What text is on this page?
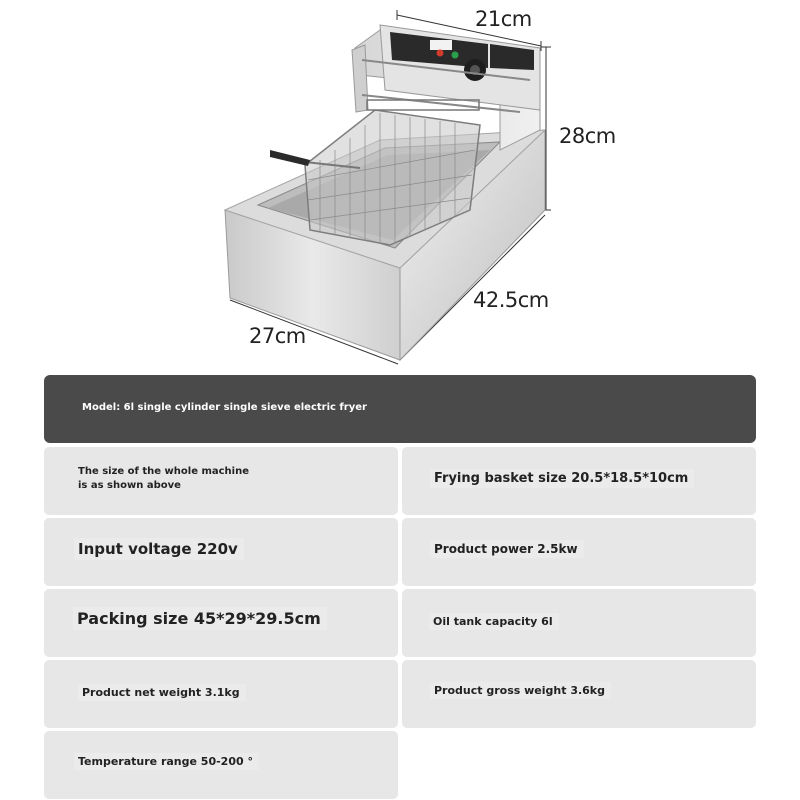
21cm
28cm
42.5cm
27cm
Model: 6l single cylinder single sieve electric fryer
The size of the whole machine
is as shown above	Frying basket size 20.5*18.5*10cm
Input voltage 220v	Product power 2.5kw
Packing size 45*29*29.5cm	Oil tank capacity 6l
Product net weight 3.1kg	Product gross weight 3.6kg
Temperature range 50-200 °
